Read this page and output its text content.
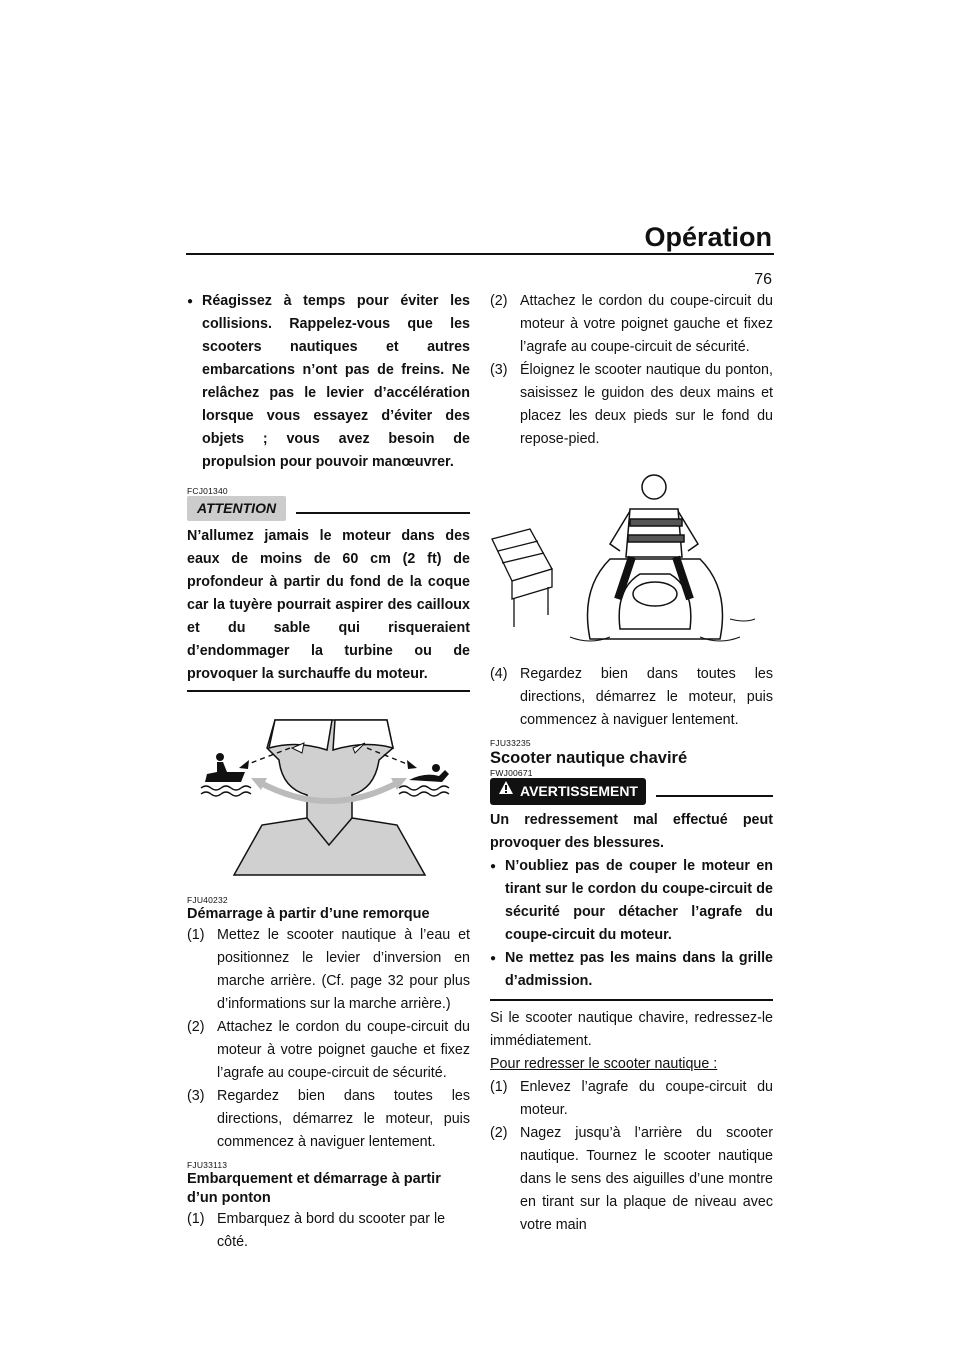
Opération
76

● Réagissez à temps pour éviter les collisions. Rappelez-vous que les scooters nautiques et autres embarcations n’ont pas de freins. Ne relâchez pas le levier d’accélération lorsque vous essayez d’éviter des objets ; vous avez besoin de propulsion pour pouvoir manœuvrer.

FCJ01340
ATTENTION

N’allumez jamais le moteur dans des eaux de moins de 60 cm (2 ft) de profondeur à partir du fond de la coque car la tuyère pourrait aspirer des cailloux et du sable qui risqueraient d’endommager la turbine ou de provoquer la surchauffe du moteur.

FJU40232
Démarrage à partir d’une remorque

(1) Mettez le scooter nautique à l’eau et positionnez le levier d’inversion en marche arrière. (Cf. page 32 pour plus d’informations sur la marche arrière.)

(2) Attachez le cordon du coupe-circuit du moteur à votre poignet gauche et fixez l’agrafe au coupe-circuit de sécurité.

(3) Regardez bien dans toutes les directions, démarrez le moteur, puis commencez à naviguer lentement.

FJU33113
Embarquement et démarrage à partir d’un ponton

(1) Embarquez à bord du scooter par le côté.

(2) Attachez le cordon du coupe-circuit du moteur à votre poignet gauche et fixez l’agrafe au coupe-circuit de sécurité.

(3) Éloignez le scooter nautique du ponton, saisissez le guidon des deux mains et placez les deux pieds sur le fond du repose-pied.

(4) Regardez bien dans toutes les directions, démarrez le moteur, puis commencez à naviguer lentement.

FJU33235
Scooter nautique chaviré
FWJ00671
AVERTISSEMENT

Un redressement mal effectué peut provoquer des blessures.

● N’oubliez pas de couper le moteur en tirant sur le cordon du coupe-circuit de sécurité pour détacher l’agrafe du coupe-circuit du moteur.

● Ne mettez pas les mains dans la grille d’admission.

Si le scooter nautique chavire, redressez-le immédiatement.

Pour redresser le scooter nautique :

(1) Enlevez l’agrafe du coupe-circuit du moteur.

(2) Nagez jusqu’à l’arrière du scooter nautique. Tournez le scooter nautique dans le sens des aiguilles d’une montre en tirant sur la plaque de niveau avec votre main
